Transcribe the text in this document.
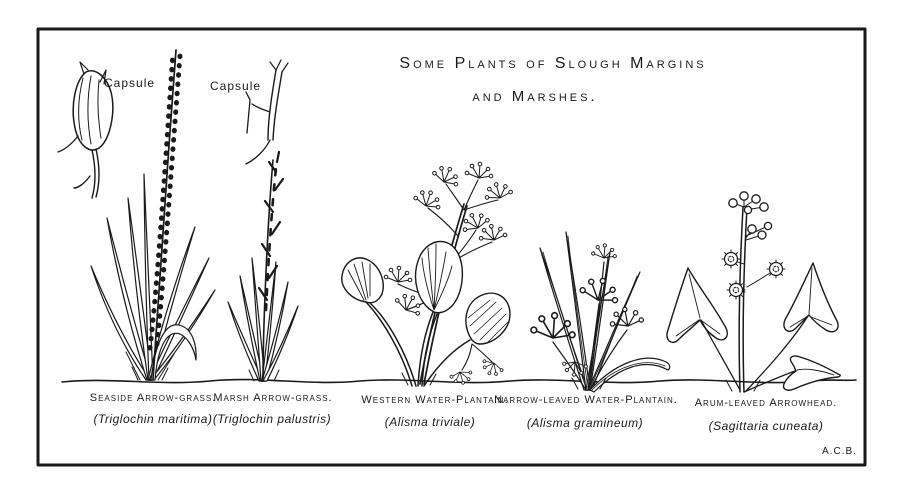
Some Plants of Slough Margins
and Marshes.
Capsule	Capsule
Seaside Arrow-grass.
(Triglochin maritima)
Marsh Arrow-grass.
(Triglochin palustris)
Western Water-Plantain.
(Alisma triviale)
Narrow-leaved Water-Plantain.
(Alisma gramineum)
Arum-leaved Arrowhead.
(Sagittaria cuneata)
A.C.B.
